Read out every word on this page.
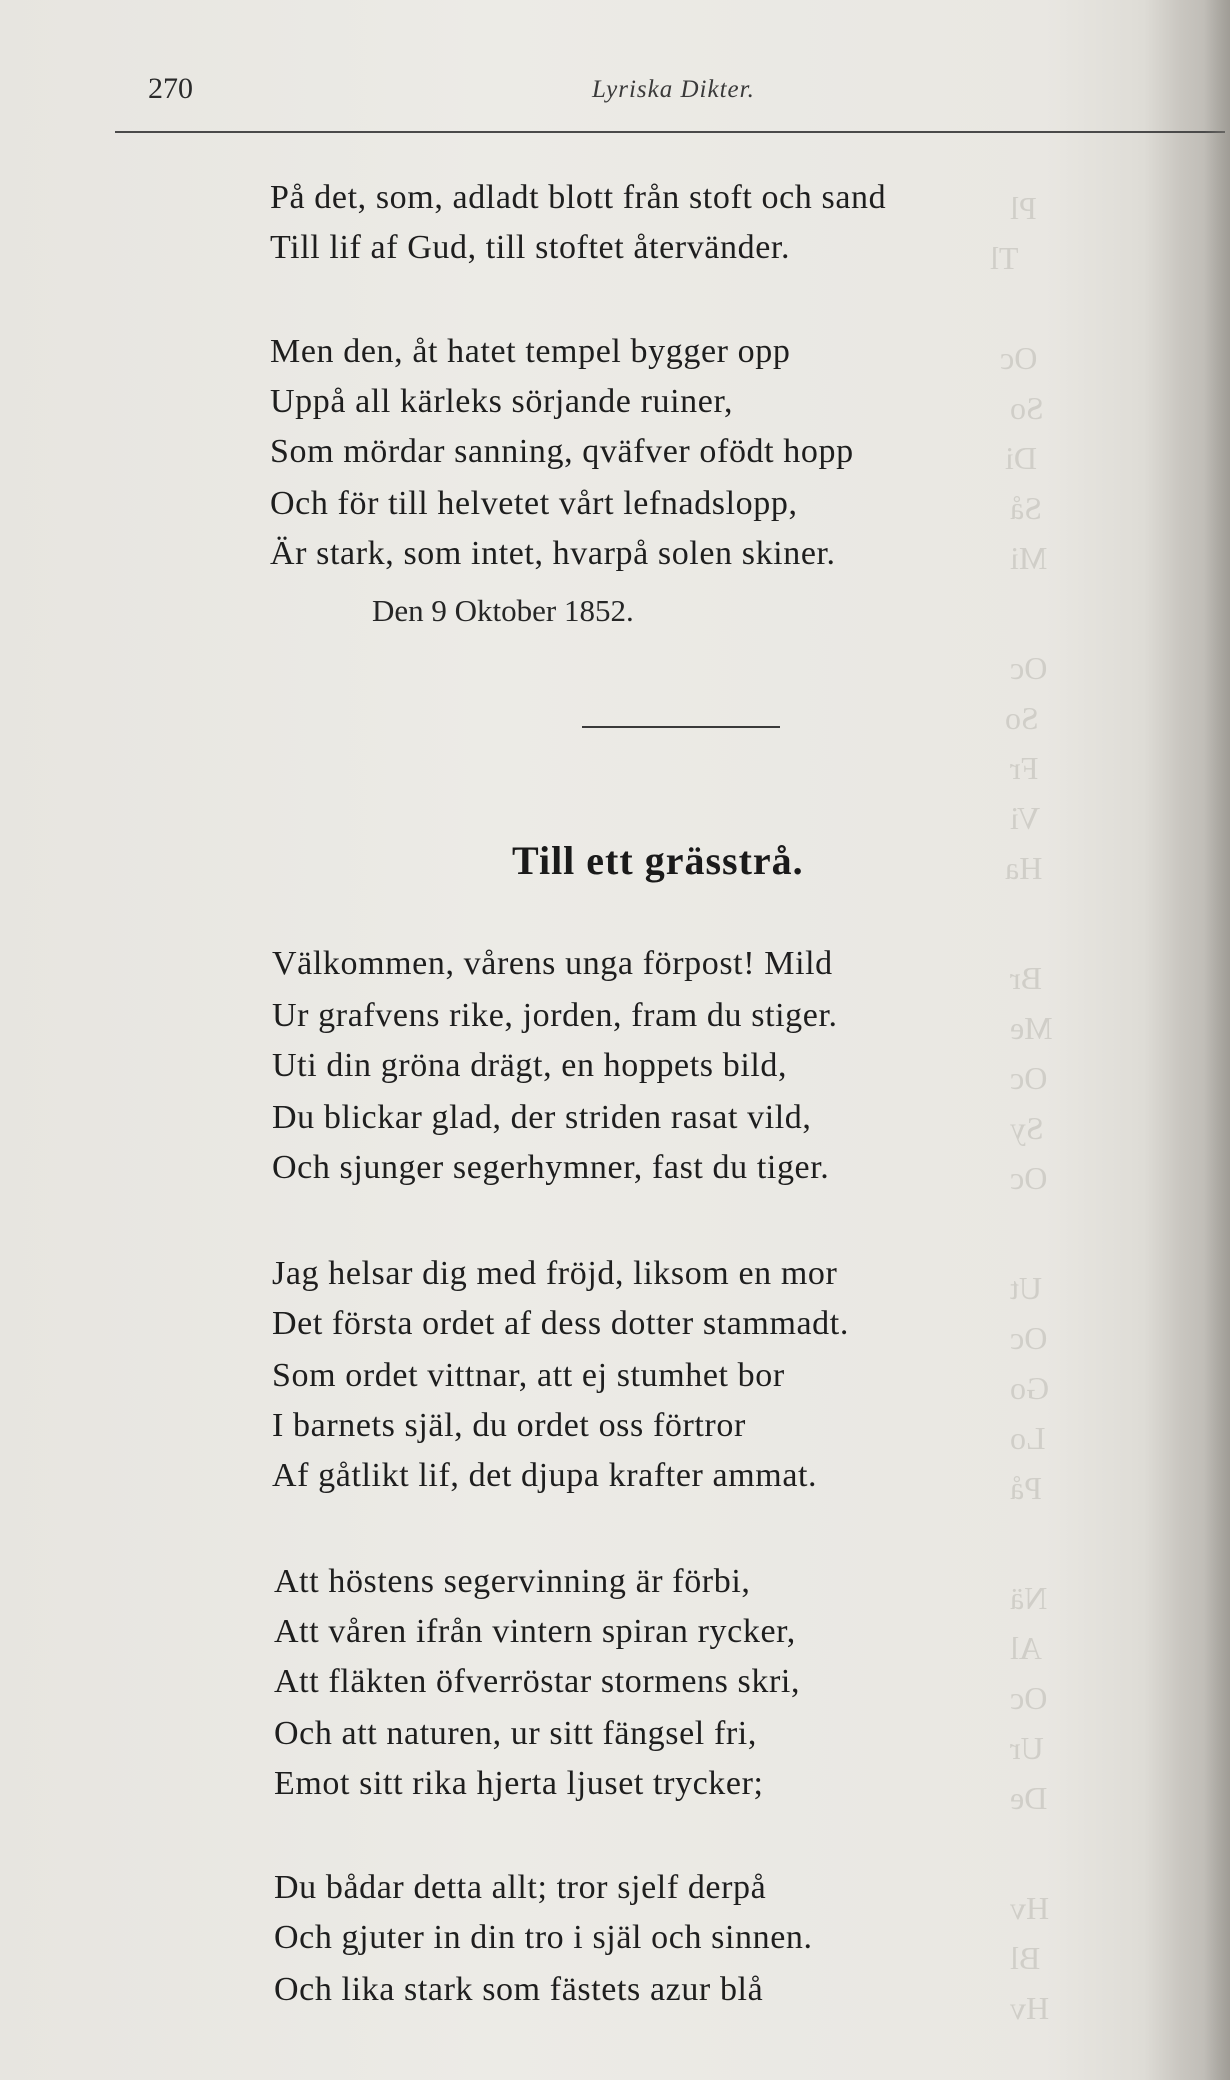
Pl
Tl
Oc
So
Di
Så
Mi
Oc
So
Fr
Vi
Ha
Br
Me
Oc
Sy
Oc
Ut
Oc
Go
Lo
På
Nä
Al
Oc
Ur
De
Hv
Bl
Hv
270	Lyriska Dikter.
På det, som, adladt blott från stoft och sand
Till lif af Gud, till stoftet återvänder.
Men den, åt hatet tempel bygger opp
Uppå all kärleks sörjande ruiner,
Som mördar sanning, qväfver ofödt hopp
Och för till helvetet vårt lefnadslopp,
Är stark, som intet, hvarpå solen skiner.
Den 9 Oktober 1852.
Till ett grässtrå.
Välkommen, vårens unga förpost! Mild
Ur grafvens rike, jorden, fram du stiger.
Uti din gröna drägt, en hoppets bild,
Du blickar glad, der striden rasat vild,
Och sjunger segerhymner, fast du tiger.
Jag helsar dig med fröjd, liksom en mor
Det första ordet af dess dotter stammadt.
Som ordet vittnar, att ej stumhet bor
I barnets själ, du ordet oss förtror
Af gåtlikt lif, det djupa krafter ammat.
Att höstens segervinning är förbi,
Att våren ifrån vintern spiran rycker,
Att fläkten öfverröstar stormens skri,
Och att naturen, ur sitt fängsel fri,
Emot sitt rika hjerta ljuset trycker;
Du bådar detta allt; tror sjelf derpå
Och gjuter in din tro i själ och sinnen.
Och lika stark som fästets azur blå
